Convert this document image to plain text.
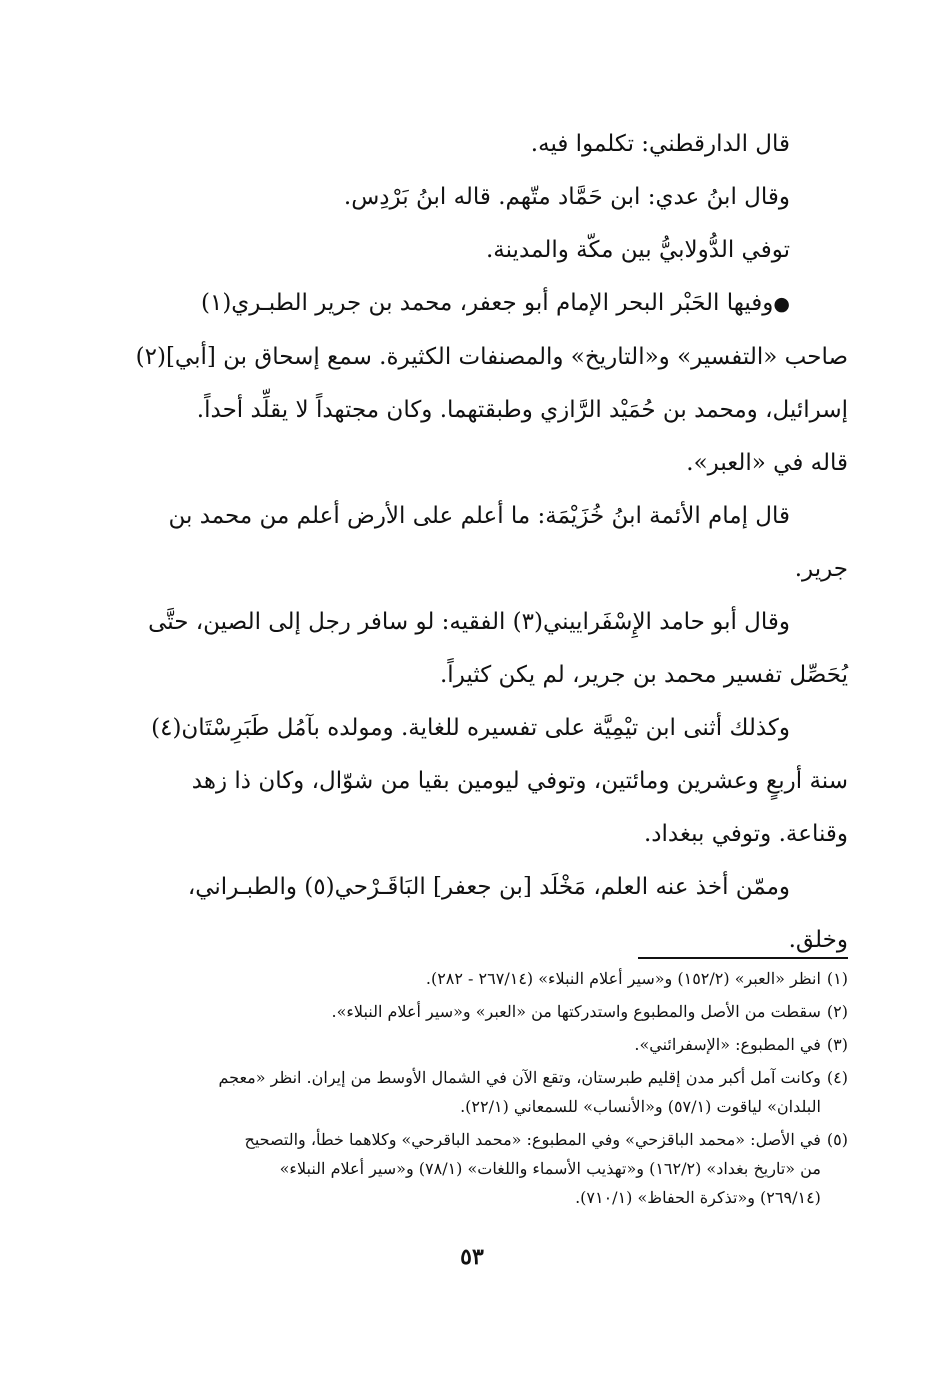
قال الدارقطني: تكلموا فيه.

وقال ابنُ عدي: ابن حَمَّاد متّهم. قاله ابنُ بَرْدِس.

توفي الدُّولابيُّ بين مكّة والمدينة.

●وفيها الحَبْر البحر الإمام أبو جعفر، محمد بن جرير الطبـري(١)
صاحب «التفسير» و«التاريخ» والمصنفات الكثيرة. سمع إسحاق بن [أبي](٢)
إسرائيل، ومحمد بن حُمَيْد الرَّازي وطبقتهما. وكان مجتهداً لا يقلِّد أحداً.
قاله في «العبر».

قال إمام الأئمة ابنُ خُزَيْمَة: ما أعلم على الأرض أعلم من محمد بن
جرير.

وقال أبو حامد الإِسْفَراييني(٣) الفقيه: لو سافر رجل إلى الصين، حتَّى
يُحَصِّل تفسير محمد بن جرير، لم يكن كثيراً.

وكذلك أثنى ابن تيْمِيَّة على تفسيره للغاية. ومولده بآمُل طَبَرِسْتَان(٤)
سنة أربعٍ وعشرين ومائتين، وتوفي ليومين بقيا من شوّال، وكان ذا زهد
وقناعة. وتوفي ببغداد.

وممّن أخذ عنه العلم، مَخْلَد [بن جعفر] البَاقَـرْحي(٥) والطبـراني،
وخلق.

(١)
انظر «العبر» (١٥٢/٢) و«سير أعلام النبلاء» (٢٦٧/١٤ - ٢٨٢).
(٢)
سقطت من الأصل والمطبوع واستدركتها من «العبر» و«سير أعلام النبلاء».
(٣)
في المطبوع: «الإسفرائني».
(٤)
وكانت آمل أكبر مدن إقليم طبرستان، وتقع الآن في الشمال الأوسط من إيران. انظر «معجم
البلدان» لياقوت (٥٧/١) و«الأنساب» للسمعاني (٢٢/١).
(٥)
في الأصل: «محمد الباقزحي» وفي المطبوع: «محمد الباقرحي» وكلاهما خطأ، والتصحيح
من «تاريخ بغداد» (١٦٢/٢) و«تهذيب الأسماء واللغات» (٧٨/١) و«سير أعلام النبلاء»
(٢٦٩/١٤) و«تذكرة الحفاظ» (٧١٠/١).
٥٣
